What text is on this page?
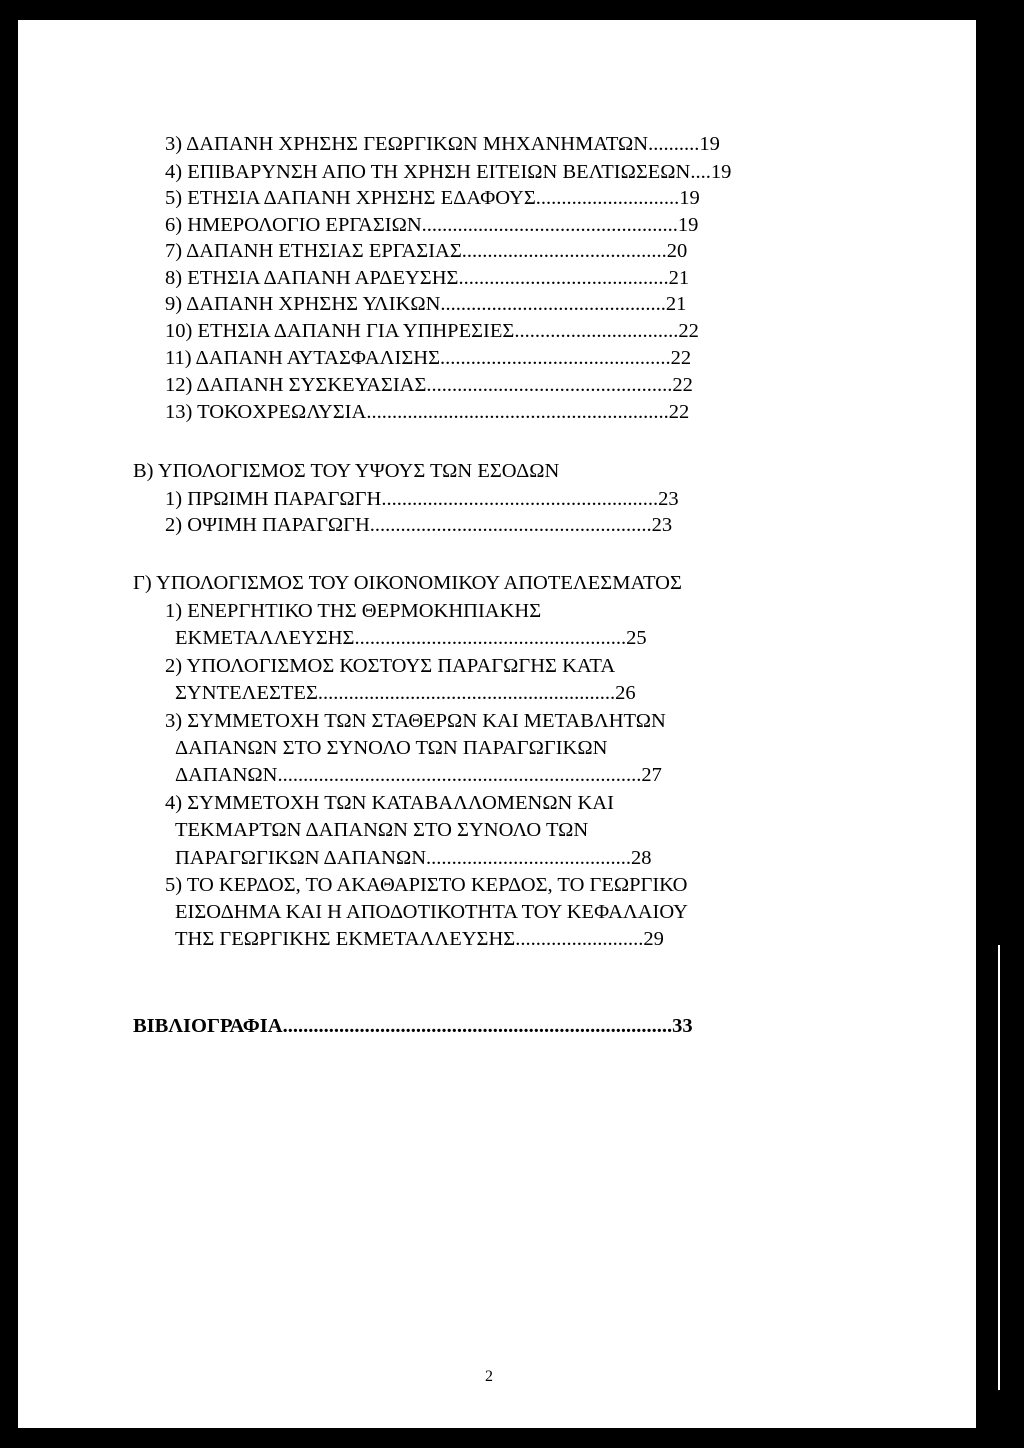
3) ΔΑΠΑΝΗ ΧΡΗΣΗΣ ΓΕΩΡΓΙΚΩΝ ΜΗΧΑΝΗΜΑΤΩΝ..........19
4) ΕΠΙΒΑΡΥΝΣΗ ΑΠΟ ΤΗ ΧΡΗΣΗ ΕΙΤΕΙΩΝ ΒΕΛΤΙΩΣΕΩΝ....19
5) ΕΤΗΣΙΑ ΔΑΠΑΝΗ ΧΡΗΣΗΣ ΕΔΑΦΟΥΣ............................19
6) ΗΜΕΡΟΛΟΓΙΟ ΕΡΓΑΣΙΩΝ..................................................19
7) ΔΑΠΑΝΗ ΕΤΗΣΙΑΣ ΕΡΓΑΣΙΑΣ........................................20
8) ΕΤΗΣΙΑ ΔΑΠΑΝΗ ΑΡΔΕΥΣΗΣ.........................................21
9) ΔΑΠΑΝΗ ΧΡΗΣΗΣ ΥΛΙΚΩΝ............................................21
10) ΕΤΗΣΙΑ ΔΑΠΑΝΗ ΓΙΑ ΥΠΗΡΕΣΙΕΣ................................22
11) ΔΑΠΑΝΗ ΑΥΤΑΣΦΑΛΙΣΗΣ.............................................22
12) ΔΑΠΑΝΗ ΣΥΣΚΕΥΑΣΙΑΣ................................................22
13) ΤΟΚΟΧΡΕΩΛΥΣΙΑ...........................................................22
Β) ΥΠΟΛΟΓΙΣΜΟΣ ΤΟΥ ΥΨΟΥΣ ΤΩΝ ΕΣΟΔΩΝ
1) ΠΡΩΙΜΗ ΠΑΡΑΓΩΓΗ......................................................23
2) ΟΨΙΜΗ ΠΑΡΑΓΩΓΗ.......................................................23
Γ) ΥΠΟΛΟΓΙΣΜΟΣ ΤΟΥ ΟΙΚΟΝΟΜΙΚΟΥ ΑΠΟΤΕΛΕΣΜΑΤΟΣ
1) ΕΝΕΡΓΗΤΙΚΟ ΤΗΣ ΘΕΡΜΟΚΗΠΙΑΚΗΣ
ΕΚΜΕΤΑΛΛΕΥΣΗΣ.....................................................25
2) ΥΠΟΛΟΓΙΣΜΟΣ ΚΟΣΤΟΥΣ ΠΑΡΑΓΩΓΗΣ ΚΑΤΑ
ΣΥΝΤΕΛΕΣΤΕΣ..........................................................26
3) ΣΥΜΜΕΤΟΧΗ ΤΩΝ ΣΤΑΘΕΡΩΝ ΚΑΙ ΜΕΤΑΒΛΗΤΩΝ
ΔΑΠΑΝΩΝ ΣΤΟ ΣΥΝΟΛΟ ΤΩΝ ΠΑΡΑΓΩΓΙΚΩΝ
ΔΑΠΑΝΩΝ.......................................................................27
4) ΣΥΜΜΕΤΟΧΗ ΤΩΝ ΚΑΤΑΒΑΛΛΟΜΕΝΩΝ ΚΑΙ
ΤΕΚΜΑΡΤΩΝ ΔΑΠΑΝΩΝ ΣΤΟ ΣΥΝΟΛΟ ΤΩΝ
ΠΑΡΑΓΩΓΙΚΩΝ ΔΑΠΑΝΩΝ........................................28
5) ΤΟ ΚΕΡΔΟΣ, ΤΟ ΑΚΑΘΑΡΙΣΤΟ ΚΕΡΔΟΣ, ΤΟ ΓΕΩΡΓΙΚΟ
ΕΙΣΟΔΗΜΑ ΚΑΙ Η ΑΠΟΔΟΤΙΚΟΤΗΤΑ ΤΟΥ ΚΕΦΑΛΑΙΟΥ
ΤΗΣ ΓΕΩΡΓΙΚΗΣ ΕΚΜΕΤΑΛΛΕΥΣΗΣ.........................29
ΒΙΒΛΙΟΓΡΑΦΙΑ............................................................................33
2
